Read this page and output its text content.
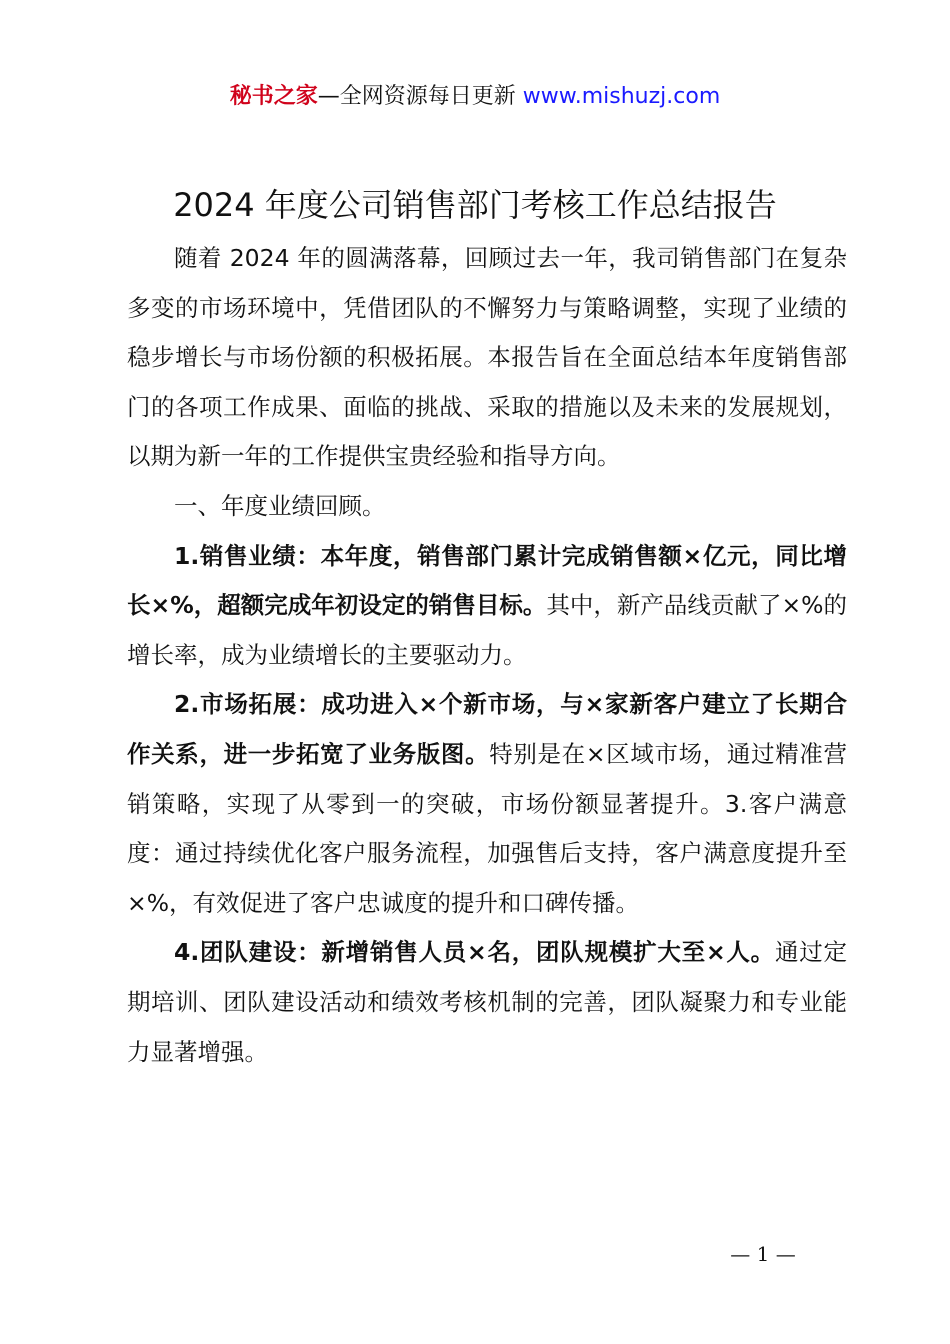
秘书之家—全网资源每日更新 www.mishuzj.com
2024 年度公司销售部门考核工作总结报告

随着 2024 年的圆满落幕，回顾过去一年，我司销售部门在复杂多变的市场环境中，凭借团队的不懈努力与策略调整，实现了业绩的稳步增长与市场份额的积极拓展。本报告旨在全面总结本年度销售部门的各项工作成果、面临的挑战、采取的措施以及未来的发展规划，以期为新一年的工作提供宝贵经验和指导方向。

一、年度业绩回顾。

1.销售业绩：本年度，销售部门累计完成销售额×亿元，同比增长×%，超额完成年初设定的销售目标。其中，新产品线贡献了×%的增长率，成为业绩增长的主要驱动力。

2.市场拓展：成功进入×个新市场，与×家新客户建立了长期合作关系，进一步拓宽了业务版图。特别是在×区域市场，通过精准营销策略，实现了从零到一的突破，市场份额显著提升。3.客户满意度：通过持续优化客户服务流程，加强售后支持，客户满意度提升至×%，有效促进了客户忠诚度的提升和口碑传播。

4.团队建设：新增销售人员×名，团队规模扩大至×人。通过定期培训、团队建设活动和绩效考核机制的完善，团队凝聚力和专业能力显著增强。

— 1 —
